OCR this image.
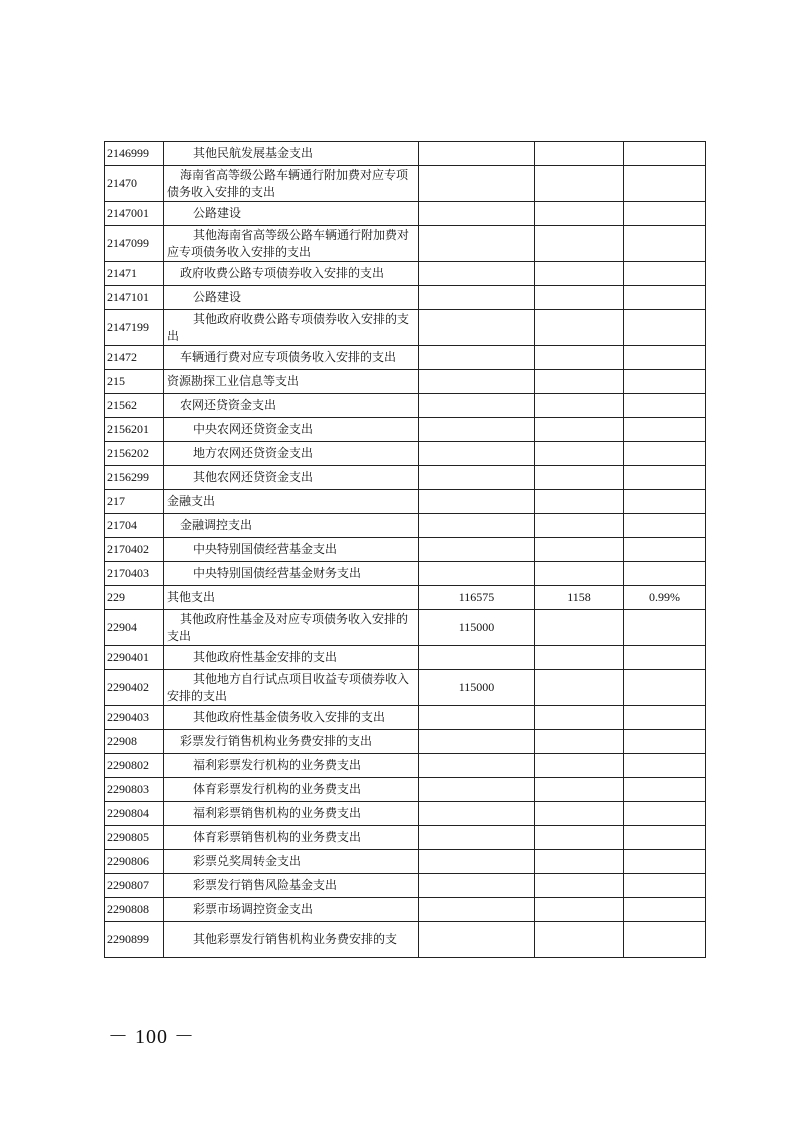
2146999	其他民航发展基金支出			
21470	海南省高等级公路车辆通行附加费对应专项债务收入安排的支出			
2147001	公路建设			
2147099	其他海南省高等级公路车辆通行附加费对应专项债务收入安排的支出			
21471	政府收费公路专项债券收入安排的支出			
2147101	公路建设			
2147199	其他政府收费公路专项债券收入安排的支出			
21472	车辆通行费对应专项债务收入安排的支出			
215	资源勘探工业信息等支出			
21562	农网还贷资金支出			
2156201	中央农网还贷资金支出			
2156202	地方农网还贷资金支出			
2156299	其他农网还贷资金支出			
217	金融支出			
21704	金融调控支出			
2170402	中央特别国债经营基金支出			
2170403	中央特别国债经营基金财务支出			
229	其他支出	116575	1158	0.99%
22904	其他政府性基金及对应专项债务收入安排的支出	115000		
2290401	其他政府性基金安排的支出			
2290402	其他地方自行试点项目收益专项债券收入安排的支出	115000		
2290403	其他政府性基金债务收入安排的支出			
22908	彩票发行销售机构业务费安排的支出			
2290802	福利彩票发行机构的业务费支出			
2290803	体育彩票发行机构的业务费支出			
2290804	福利彩票销售机构的业务费支出			
2290805	体育彩票销售机构的业务费支出			
2290806	彩票兑奖周转金支出			
2290807	彩票发行销售风险基金支出			
2290808	彩票市场调控资金支出			
2290899	其他彩票发行销售机构业务费安排的支			
－ 100 －
